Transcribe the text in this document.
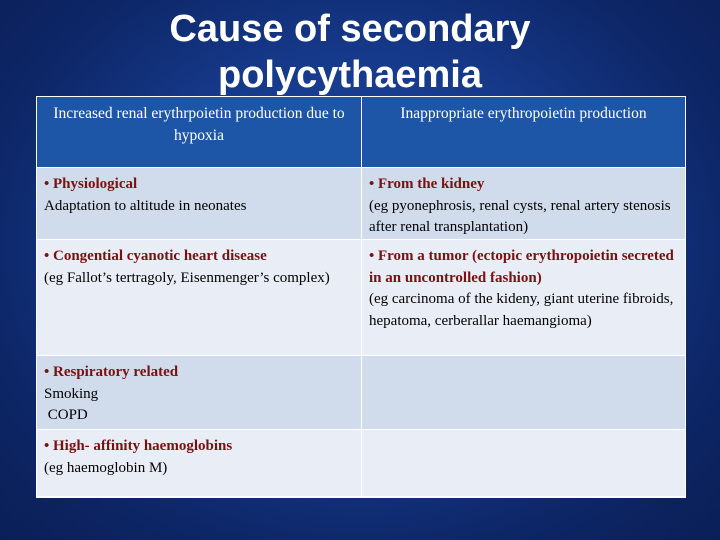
Cause of secondary
polycythaemia
Increased renal erythrpoietin production due to hypoxia
Inappropriate erythropoietin production
• Physiological
Adaptation to altitude in neonates
• From the kidney
(eg pyonephrosis, renal cysts, renal artery stenosis after renal transplantation)
• Congential cyanotic heart disease
(eg Fallot’s tertragoly, Eisenmenger’s complex)
• From a tumor (ectopic erythropoietin secreted in an uncontrolled fashion)
(eg carcinoma of the kideny, giant uterine fibroids, hepatoma, cerberallar haemangioma)
• Respiratory related
Smoking
COPD
• High- affinity haemoglobins
(eg haemoglobin M)
